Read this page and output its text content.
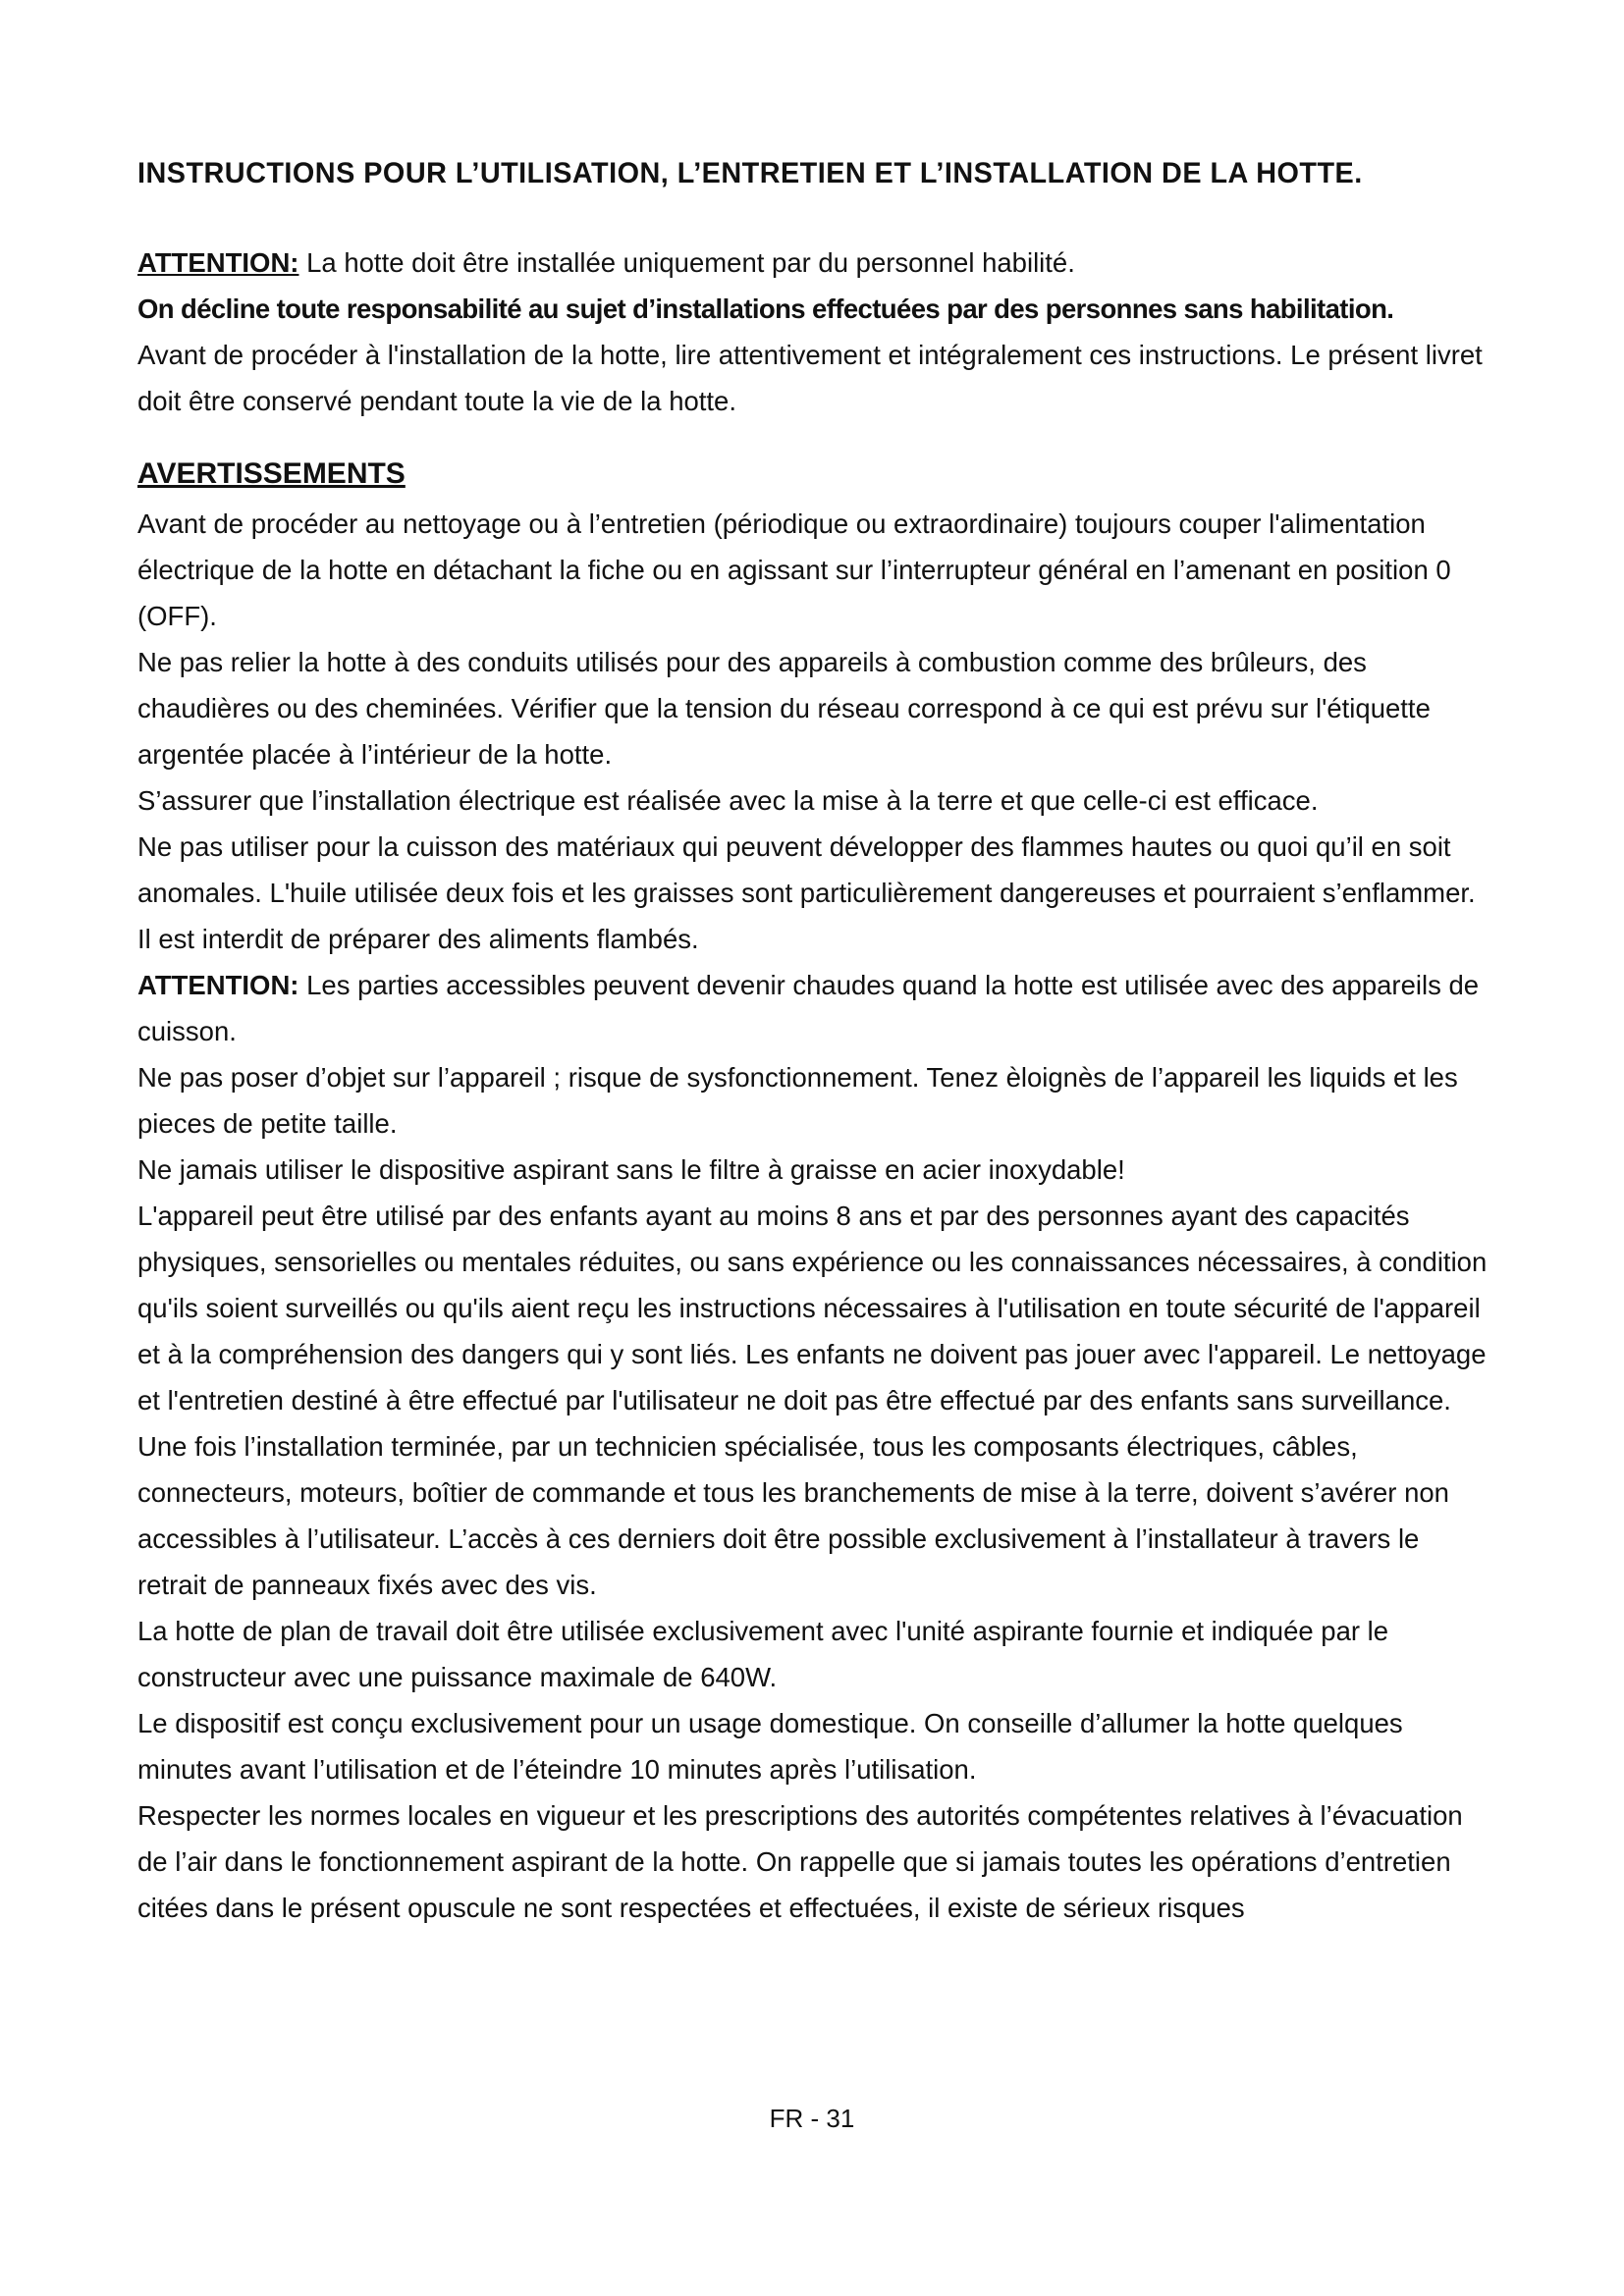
INSTRUCTIONS POUR L’UTILISATION, L’ENTRETIEN ET L’INSTALLATION DE LA HOTTE.

ATTENTION: La hotte doit être installée uniquement par du personnel habilité.

On décline toute responsabilité au sujet d’installations effectuées par des personnes sans habilitation.

Avant de procéder à l'installation de la hotte, lire attentivement et intégralement ces instructions. Le présent livret doit être conservé pendant toute la vie de la hotte.

AVERTISSEMENTS

Avant de procéder au nettoyage ou à l’entretien (périodique ou extraordinaire) toujours couper l'alimentation électrique de la hotte en détachant la fiche ou en agissant sur l’interrupteur général en l’amenant en position 0 (OFF).

Ne pas relier la hotte à des conduits utilisés pour des appareils à combustion comme des brûleurs, des chaudières ou des cheminées. Vérifier que la tension du réseau correspond à ce qui est prévu sur l'étiquette argentée placée à l’intérieur de la hotte.

S’assurer que l’installation électrique est réalisée avec la mise à la terre et que celle-ci est efficace.

Ne pas utiliser pour la cuisson des matériaux qui peuvent développer des flammes hautes ou quoi qu’il en soit anomales. L'huile utilisée deux fois et les graisses sont particulièrement dangereuses et pourraient s’enflammer.

Il est interdit de préparer des aliments flambés.

ATTENTION: Les parties accessibles peuvent devenir chaudes quand la hotte est utilisée avec des appareils de cuisson.

Ne pas poser d’objet sur l’appareil ; risque de sysfonctionnement. Tenez èloignès de l’appareil les liquids et les pieces de petite taille.

Ne jamais utiliser le dispositive aspirant sans le filtre à graisse en acier inoxydable!

L'appareil peut être utilisé par des enfants ayant au moins 8 ans et par des personnes ayant des capacités physiques, sensorielles ou mentales réduites, ou sans expérience ou les connaissances nécessaires, à condition qu'ils soient surveillés ou qu'ils aient reçu les instructions nécessaires à l'utilisation en toute sécurité de l'appareil et à la compréhension des dangers qui y sont liés. Les enfants ne doivent pas jouer avec l'appareil. Le nettoyage et l'entretien destiné à être effectué par l'utilisateur ne doit pas être effectué par des enfants sans surveillance.

Une fois l’installation terminée, par un technicien spécialisée, tous les composants électriques, câbles, connecteurs, moteurs, boîtier de commande et tous les branchements de mise à la terre, doivent s’avérer non accessibles à l’utilisateur. L’accès à ces derniers doit être possible exclusivement à l’installateur à travers le retrait de panneaux fixés avec des vis.

La hotte de plan de travail doit être utilisée exclusivement avec l'unité aspirante fournie et indiquée par le constructeur avec une puissance maximale de 640W.

Le dispositif est conçu exclusivement pour un usage domestique. On conseille d’allumer la hotte quelques minutes avant l’utilisation et de l’éteindre 10 minutes après l’utilisation.

Respecter les normes locales en vigueur et les prescriptions des autorités compétentes relatives à l’évacuation de l’air dans le fonctionnement aspirant de la hotte. On rappelle que si jamais toutes les opérations d’entretien citées dans le présent opuscule ne sont respectées et effectuées, il existe de sérieux risques

FR - 31
